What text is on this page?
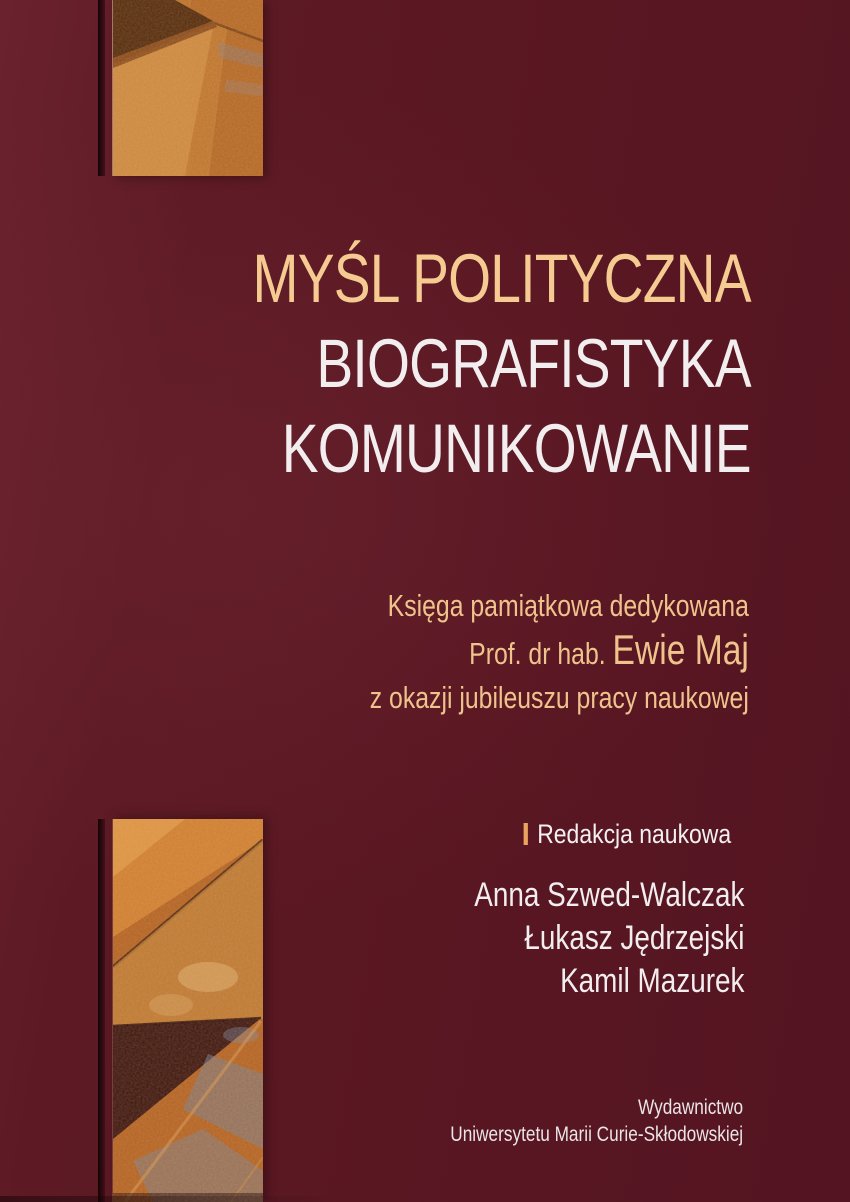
MYŚL POLITYCZNA
BIOGRAFISTYKA
KOMUNIKOWANIE
Księga pamiątkowa dedykowana
Prof. dr hab. Ewie Maj
z okazji jubileuszu pracy naukowej
Redakcja naukowa
Anna Szwed-Walczak
Łukasz Jędrzejski
Kamil Mazurek
Wydawnictwo
Uniwersytetu Marii Curie-Skłodowskiej
